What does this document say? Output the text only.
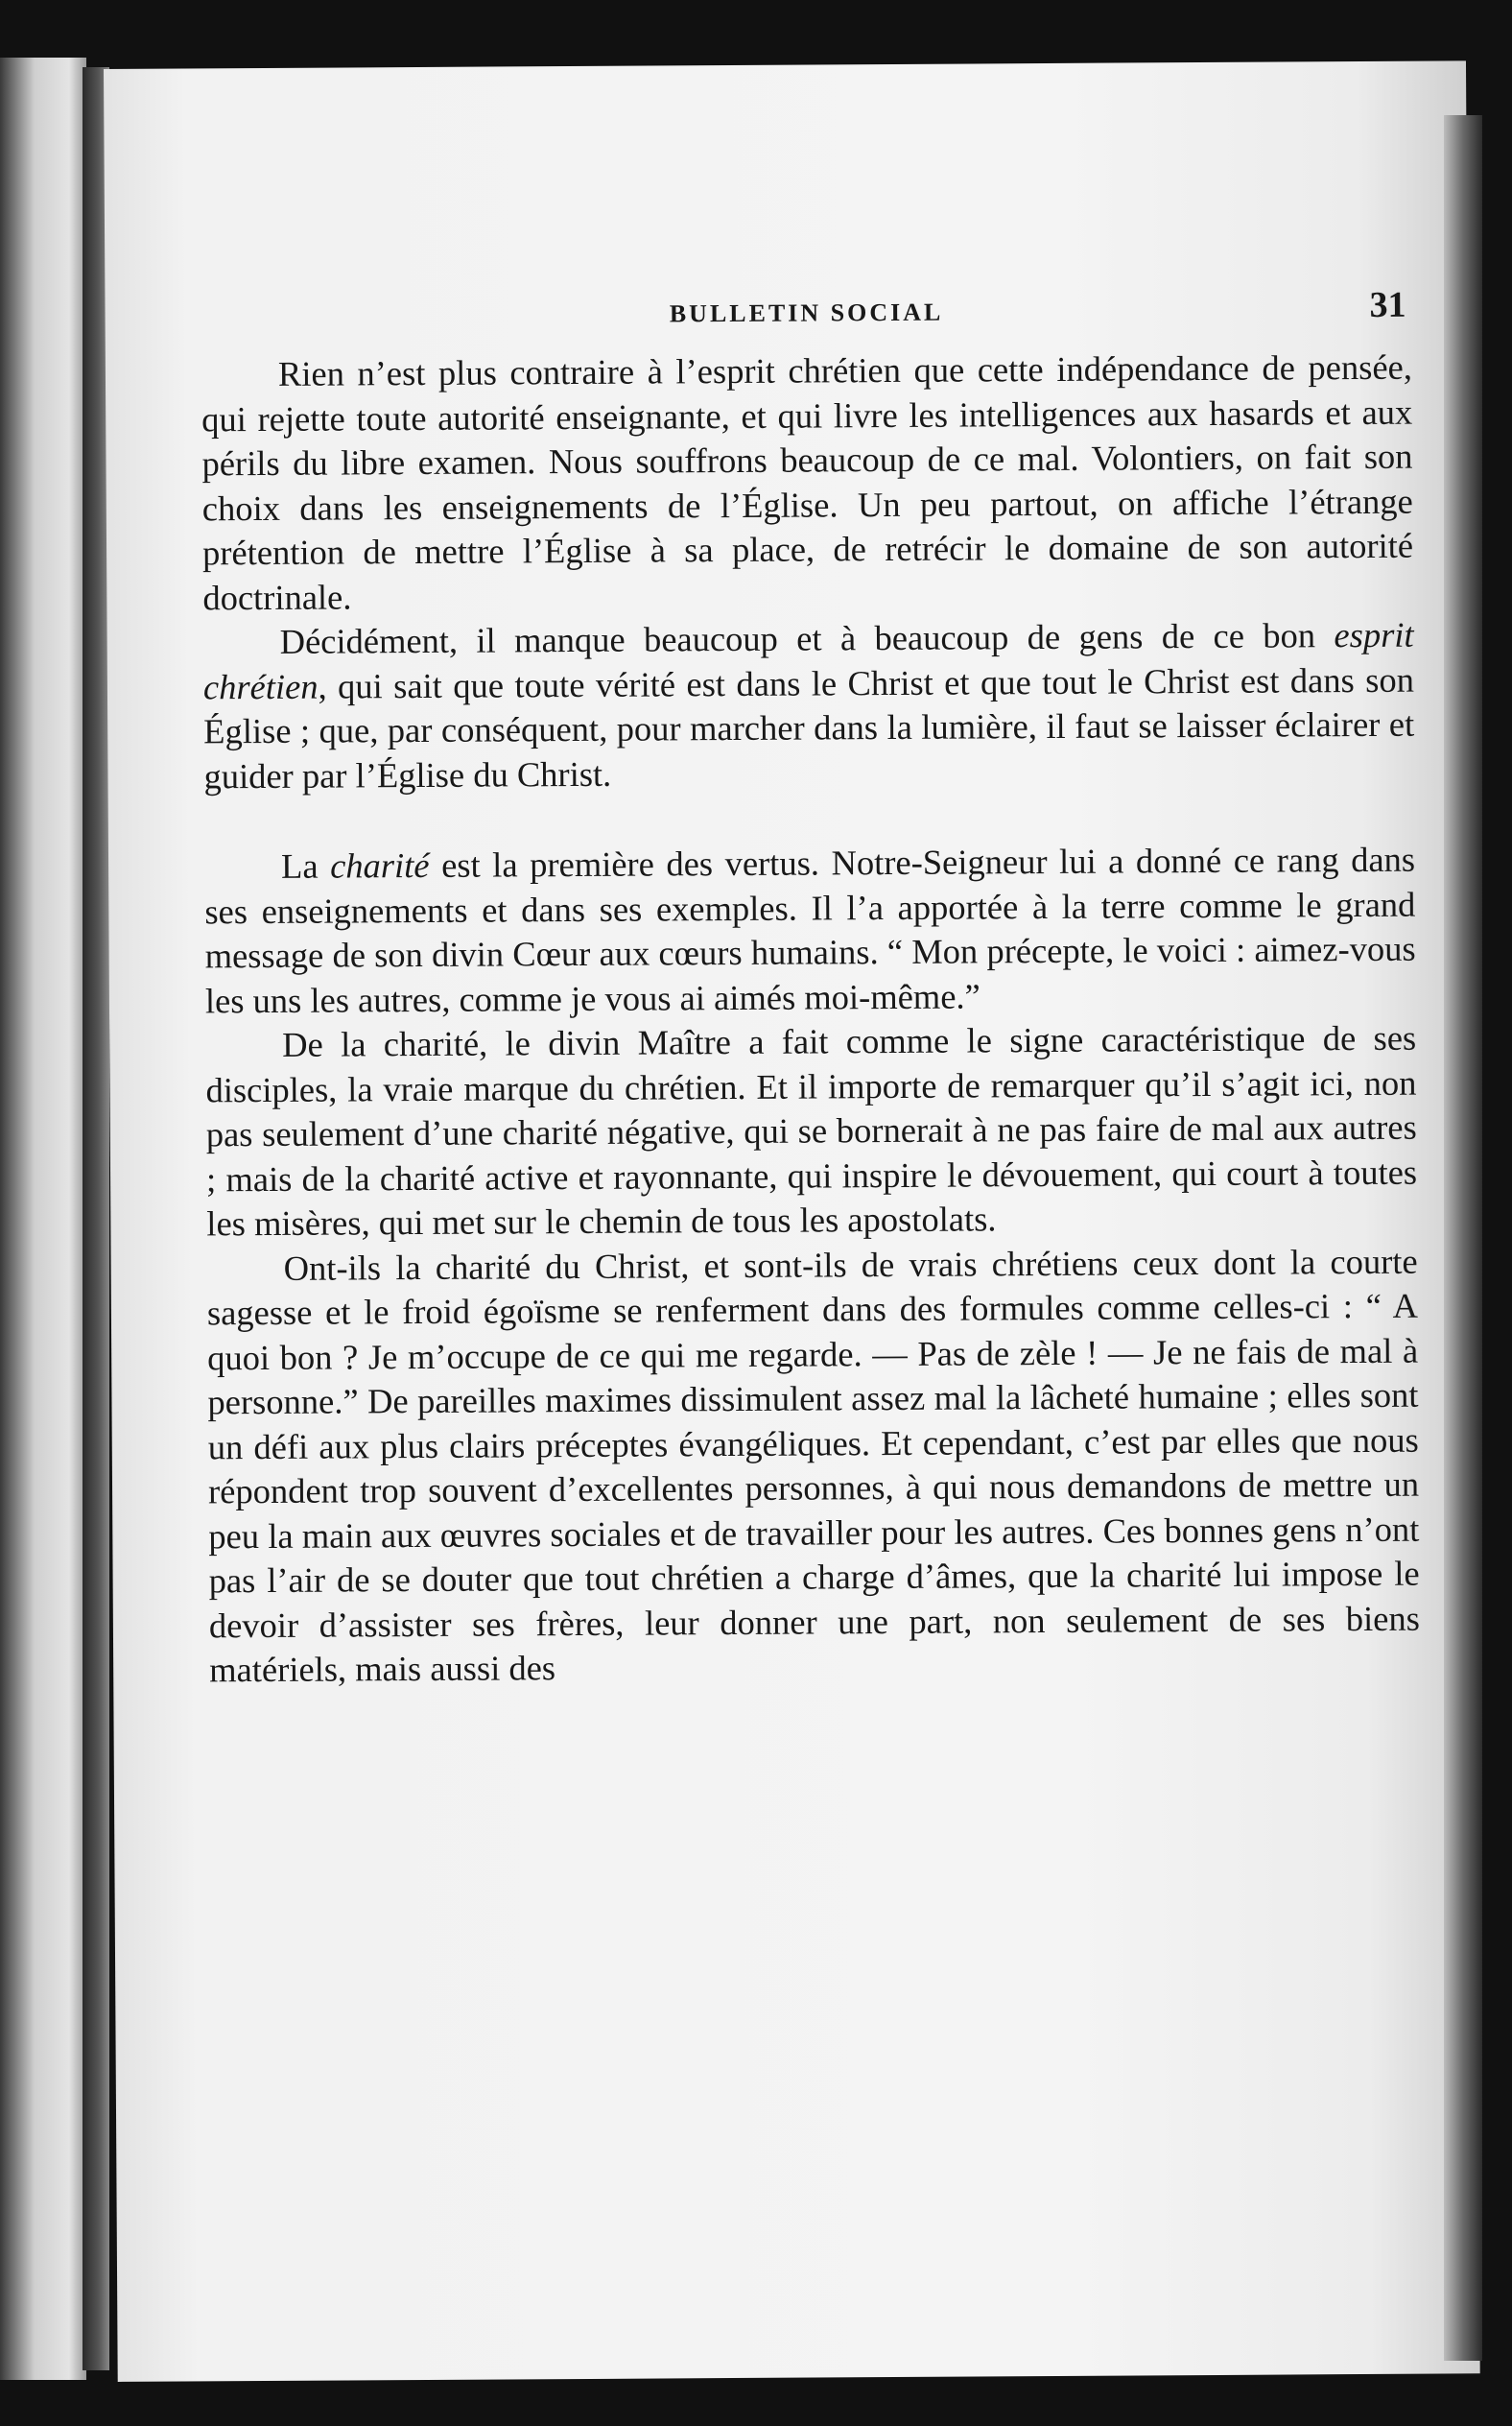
BULLETIN SOCIAL	31

Rien n’est plus contraire à l’esprit chrétien que cette indépendance de pensée, qui rejette toute autorité enseignante, et qui livre les intelligences aux hasards et aux périls du libre examen. Nous souffrons beaucoup de ce mal. Volontiers, on fait son choix dans les enseignements de l’Église. Un peu partout, on affiche l’étrange prétention de mettre l’Église à sa place, de retrécir le domaine de son autorité doctrinale.

Décidément, il manque beaucoup et à beaucoup de gens de ce bon esprit chrétien, qui sait que toute vérité est dans le Christ et que tout le Christ est dans son Église ; que, par conséquent, pour marcher dans la lumière, il faut se laisser éclairer et guider par l’Église du Christ.

La charité est la première des vertus. Notre-Seigneur lui a donné ce rang dans ses enseignements et dans ses exemples. Il l’a apportée à la terre comme le grand message de son divin Cœur aux cœurs humains. “ Mon précepte, le voici : aimez-vous les uns les autres, comme je vous ai aimés moi-même.”

De la charité, le divin Maître a fait comme le signe caractéristique de ses disciples, la vraie marque du chrétien. Et il importe de remarquer qu’il s’agit ici, non pas seulement d’une charité négative, qui se bornerait à ne pas faire de mal aux autres ; mais de la charité active et rayonnante, qui inspire le dévouement, qui court à toutes les misères, qui met sur le chemin de tous les apostolats.

Ont-ils la charité du Christ, et sont-ils de vrais chrétiens ceux dont la courte sagesse et le froid égoïsme se renferment dans des formules comme celles-ci : “ A quoi bon ? Je m’occupe de ce qui me regarde. — Pas de zèle ! — Je ne fais de mal à personne.” De pareilles maximes dissimulent assez mal la lâcheté humaine ; elles sont un défi aux plus clairs préceptes évangéliques. Et cependant, c’est par elles que nous répondent trop souvent d’excellentes personnes, à qui nous demandons de mettre un peu la main aux œuvres sociales et de travailler pour les autres. Ces bonnes gens n’ont pas l’air de se douter que tout chrétien a charge d’âmes, que la charité lui impose le devoir d’assister ses frères, leur donner une part, non seulement de ses biens matériels, mais aussi des
